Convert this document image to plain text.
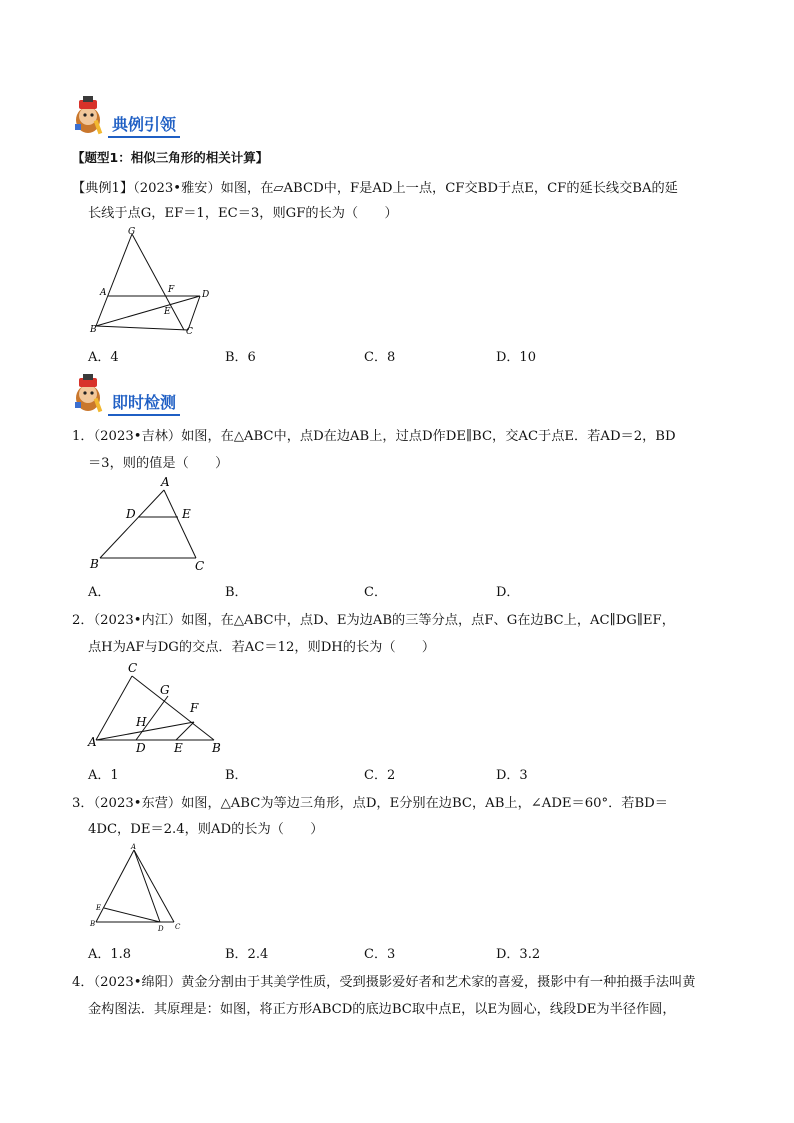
典例引领
【题型1：相似三角形的相关计算】
【典例1】（2023•雅安）如图，在▱ABCD中，F是AD上一点，CF交BD于点E，CF的延长线交BA的延
长线于点G，EF＝1，EC＝3，则GF的长为（　　）
G
A	F	D
E
B	C
A．4	B．6	C．8	D．10
即时检测
1．（2023•吉林）如图，在△ABC中，点D在边AB上，过点D作DE∥BC，交AC于点E．若AD＝2，BD
＝3，则的值是（　　）
A
D	E
B	C
A．	B．	C．	D．
2．（2023•内江）如图，在△ABC中，点D、E为边AB的三等分点，点F、G在边BC上，AC∥DG∥EF，
点H为AF与DG的交点．若AC＝12，则DH的长为（　　）
C
G
F
H
A	D E B
A．1	B．	C．2	D．3
3．（2023•东营）如图，△ABC为等边三角形，点D，E分别在边BC，AB上，∠ADE＝60°．若BD＝
4DC，DE＝2.4，则AD的长为（　　）
A
E
B
D C
A．1.8	B．2.4	C．3	D．3.2
4．（2023•绵阳）黄金分割由于其美学性质，受到摄影爱好者和艺术家的喜爱，摄影中有一种拍摄手法叫黄
金构图法．其原理是：如图，将正方形ABCD的底边BC取中点E，以E为圆心，线段DE为半径作圆，
